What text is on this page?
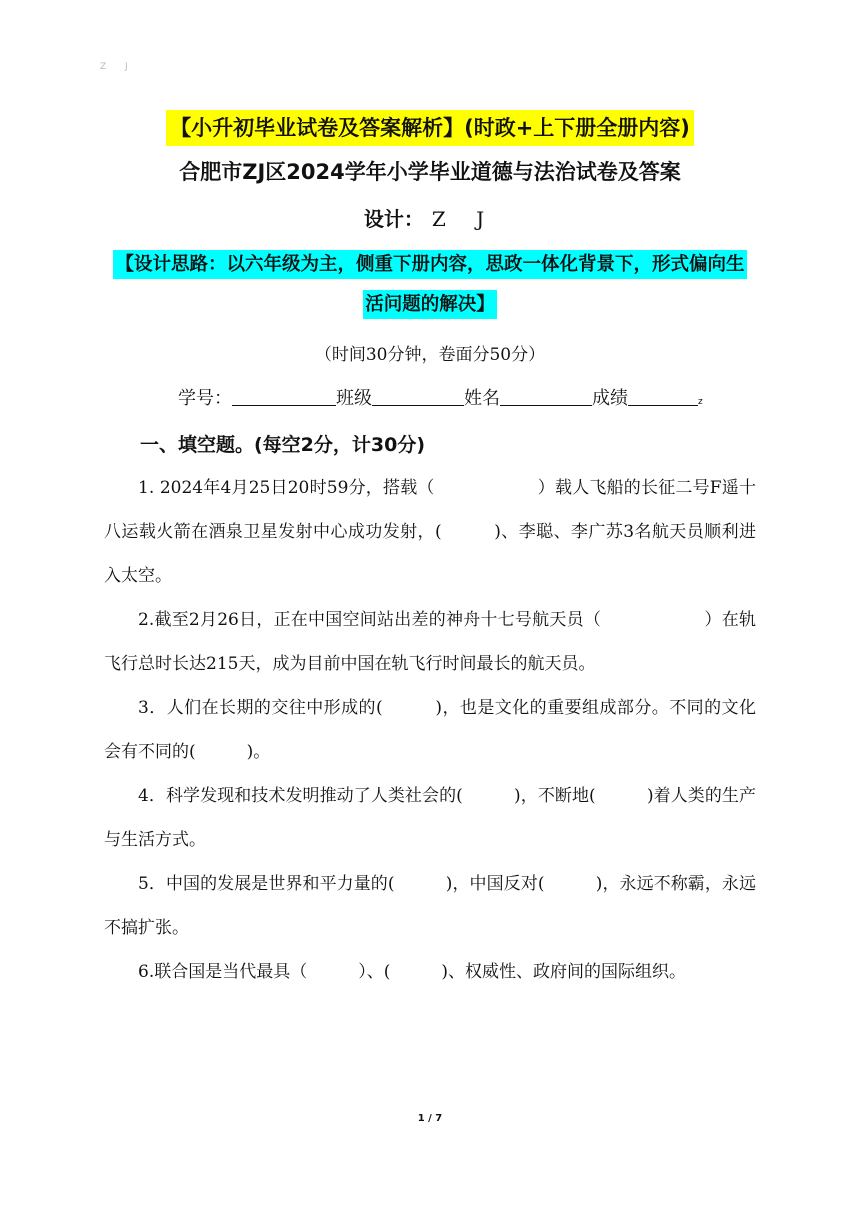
Z J
【小升初毕业试卷及答案解析】(时政+上下册全册内容)
合肥市ZJ区2024学年小学毕业道德与法治试卷及答案
设计： Z J
【设计思路：以六年级为主，侧重下册内容，思政一体化背景下，形式偏向生活问题的解决】
（时间30分钟，卷面分50分）
学号：	班级	姓名	成绩	z
一、填空题。(每空2分，计30分)

1. 2024年4月25日20时59分，搭载（　　　　　　）载人飞船的长征二号F遥十八运载火箭在酒泉卫星发射中心成功发射，(　　　)、李聪、李广苏3名航天员顺利进入太空。

2.截至2月26日，正在中国空间站出差的神舟十七号航天员（　　　　　　）在轨飞行总时长达215天，成为目前中国在轨飞行时间最长的航天员。

3．人们在长期的交往中形成的(　　　)，也是文化的重要组成部分。不同的文化会有不同的(　　　)。

4．科学发现和技术发明推动了人类社会的(　　　)，不断地(　　　)着人类的生产与生活方式。

5．中国的发展是世界和平力量的(　　　)，中国反对(　　　)，永远不称霸，永远不搞扩张。

6.联合国是当代最具（　　　）、(　　　)、权威性、政府间的国际组织。

1 / 7
